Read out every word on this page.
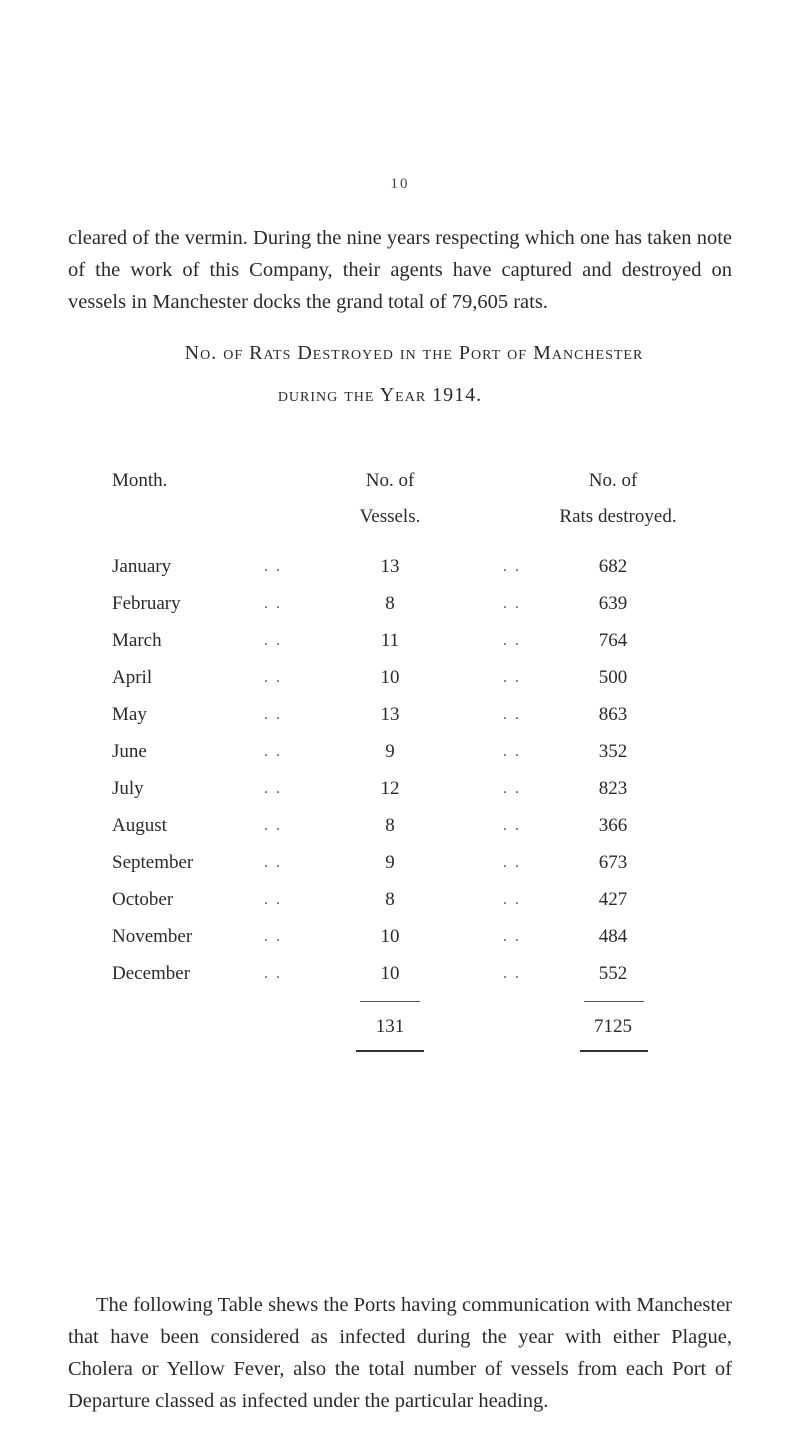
10

cleared of the vermin. During the nine years respecting which one has taken note of the work of this Company, their agents have captured and destroyed on vessels in Manchester docks the grand total of 79,605 rats.

No. of Rats Destroyed in the Port of Manchester
during the Year 1914.
Month.	No. of
Vessels.
No. of
Rats destroyed.
January	. .	13	. .	682
February	. .	8	. .	639
March	. .	11	. .	764
April	. .	10	. .	500
May	. .	13	. .	863
June	. .	9	. .	352
July	. .	12	. .	823
August	. .	8	. .	366
September	. .	9	. .	673
October	. .	8	. .	427
November	. .	10	. .	484
December	. .	10	. .	552
131	7125

The following Table shews the Ports having communication with Manchester that have been considered as infected during the year with either Plague, Cholera or Yellow Fever, also the total number of vessels from each Port of Departure classed as infected under the particular heading.
